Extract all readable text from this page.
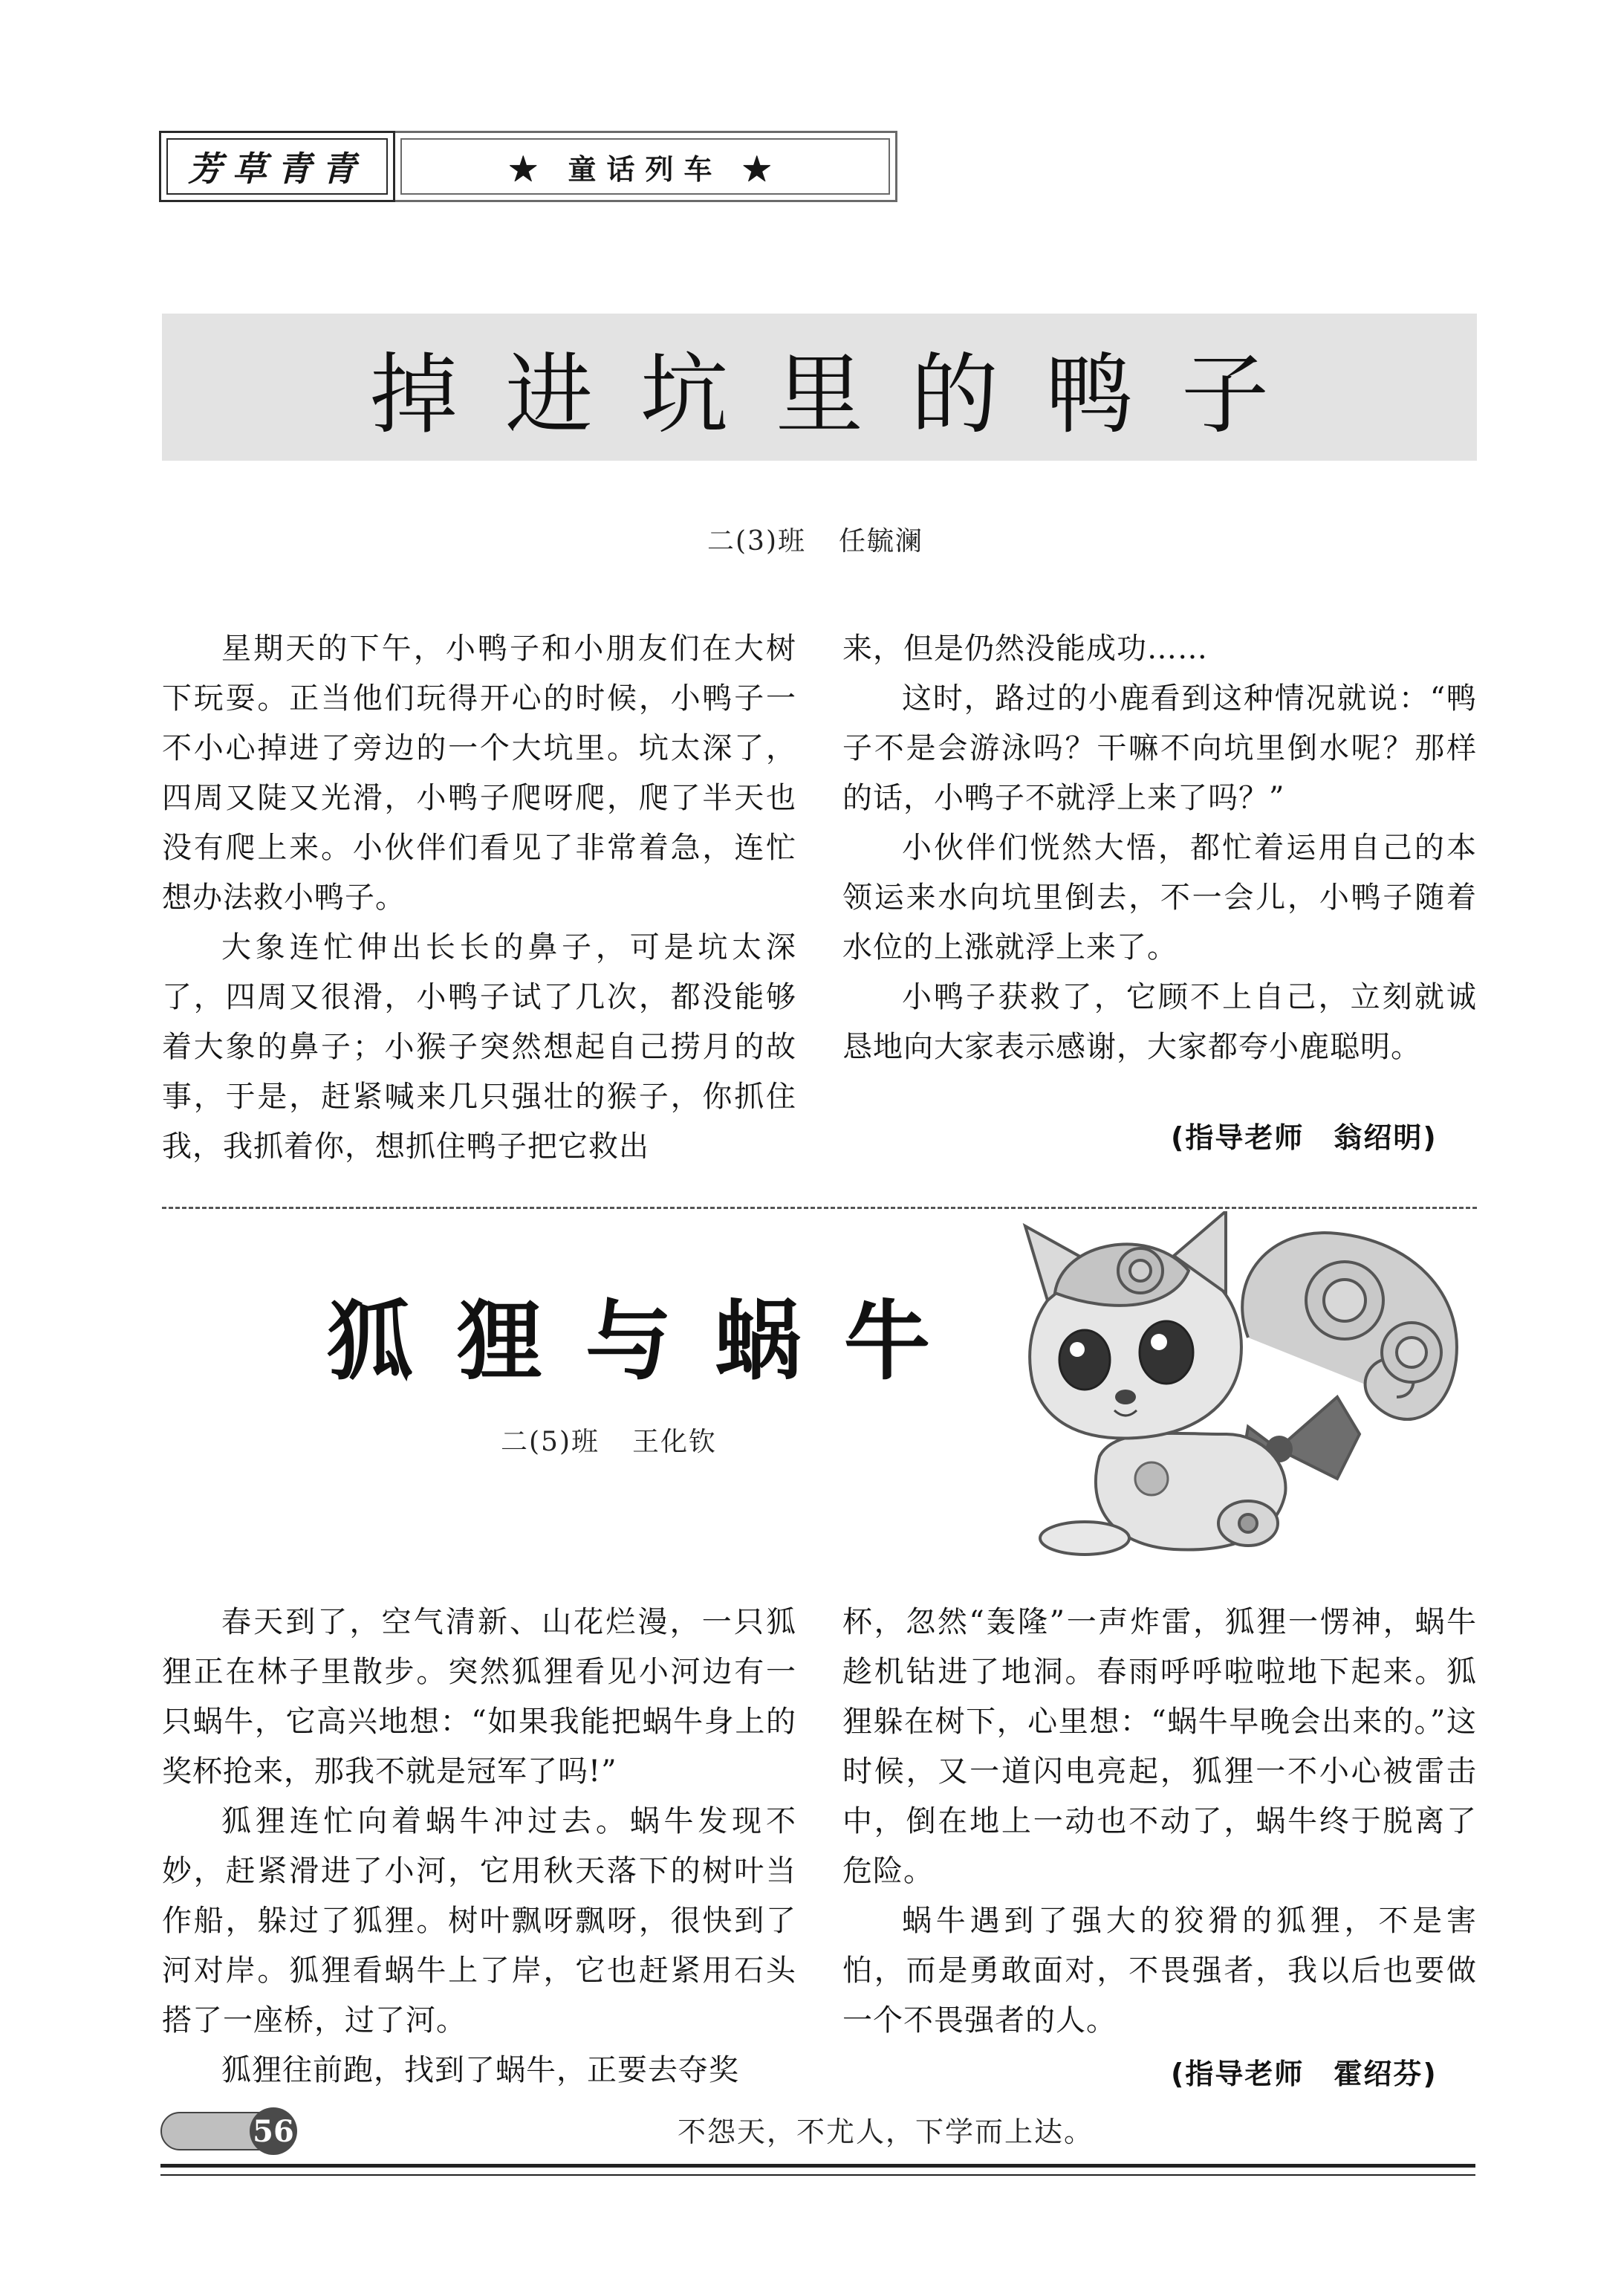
芳草青青	★ 童话列车 ★
掉进坑里的鸭子
二(3)班 任毓澜

星期天的下午，小鸭子和小朋友们在大树下玩耍。正当他们玩得开心的时候，小鸭子一不小心掉进了旁边的一个大坑里。坑太深了，四周又陡又光滑，小鸭子爬呀爬，爬了半天也没有爬上来。小伙伴们看见了非常着急，连忙想办法救小鸭子。

大象连忙伸出长长的鼻子，可是坑太深了，四周又很滑，小鸭子试了几次，都没能够着大象的鼻子；小猴子突然想起自己捞月的故事，于是，赶紧喊来几只强壮的猴子，你抓住我，我抓着你，想抓住鸭子把它救出

来，但是仍然没能成功……

这时，路过的小鹿看到这种情况就说：“鸭子不是会游泳吗？干嘛不向坑里倒水呢？那样的话，小鸭子不就浮上来了吗？”

小伙伴们恍然大悟，都忙着运用自己的本领运来水向坑里倒去，不一会儿，小鸭子随着水位的上涨就浮上来了。

小鸭子获救了，它顾不上自己，立刻就诚恳地向大家表示感谢，大家都夸小鹿聪明。

(指导老师 翁绍明)
狐狸与蜗牛
二(5)班 王化钦

春天到了，空气清新、山花烂漫，一只狐狸正在林子里散步。突然狐狸看见小河边有一只蜗牛，它高兴地想：“如果我能把蜗牛身上的奖杯抢来，那我不就是冠军了吗!”

狐狸连忙向着蜗牛冲过去。蜗牛发现不妙，赶紧滑进了小河，它用秋天落下的树叶当作船，躲过了狐狸。树叶飘呀飘呀，很快到了河对岸。狐狸看蜗牛上了岸，它也赶紧用石头搭了一座桥，过了河。

狐狸往前跑，找到了蜗牛，正要去夺奖

杯，忽然“轰隆”一声炸雷，狐狸一愣神，蜗牛趁机钻进了地洞。春雨呼呼啦啦地下起来。狐狸躲在树下，心里想：“蜗牛早晚会出来的。”这时候，又一道闪电亮起，狐狸一不小心被雷击中，倒在地上一动也不动了，蜗牛终于脱离了危险。

蜗牛遇到了强大的狡猾的狐狸，不是害怕，而是勇敢面对，不畏强者，我以后也要做一个不畏强者的人。

(指导老师 霍绍芬)
56	不怨天，不尤人，下学而上达。
